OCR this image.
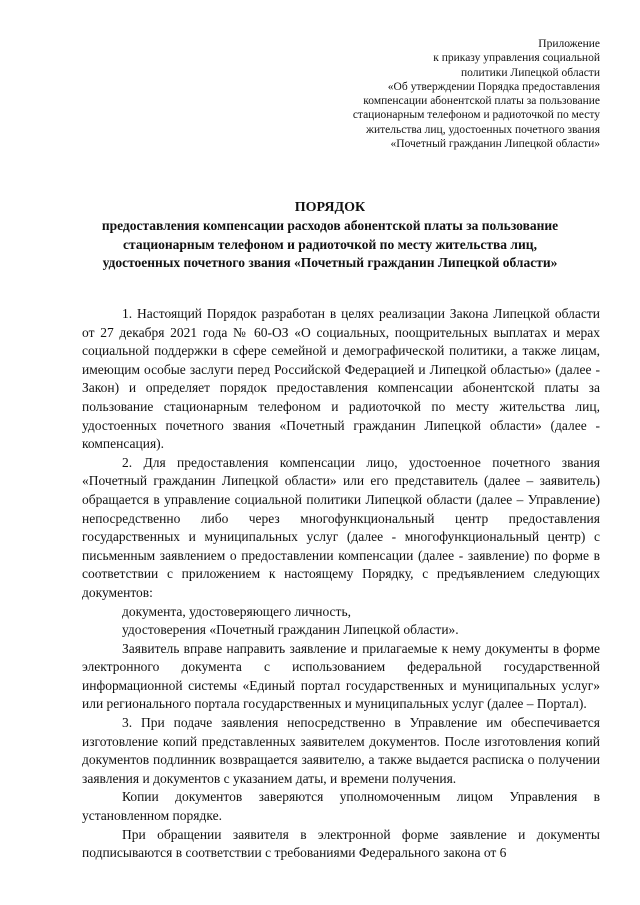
Приложение
к приказу управления социальной
политики Липецкой области
«Об утверждении Порядка предоставления
компенсации абонентской платы за пользование
стационарным телефоном и радиоточкой по месту
жительства лиц, удостоенных почетного звания
«Почетный гражданин Липецкой области»
ПОРЯДОК
предоставления компенсации расходов абонентской платы за пользование
стационарным телефоном и радиоточкой по месту жительства лиц,
удостоенных почетного звания «Почетный гражданин Липецкой области»

1. Настоящий Порядок разработан в целях реализации Закона Липецкой области от 27 декабря 2021 года № 60-ОЗ «О социальных, поощрительных выплатах и мерах социальной поддержки в сфере семейной и демографической политики, а также лицам, имеющим особые заслуги перед Российской Федерацией и Липецкой областью» (далее - Закон) и определяет порядок предоставления компенсации абонентской платы за пользование стационарным телефоном и радиоточкой по месту жительства лиц, удостоенных почетного звания «Почетный гражданин Липецкой области» (далее - компенсация).

2. Для предоставления компенсации лицо, удостоенное почетного звания «Почетный гражданин Липецкой области» или его представитель (далее – заявитель) обращается в управление социальной политики Липецкой области (далее – Управление) непосредственно либо через многофункциональный центр предоставления государственных и муниципальных услуг (далее - многофункциональный центр) с письменным заявлением о предоставлении компенсации (далее - заявление) по форме в соответствии с приложением к настоящему Порядку, с предъявлением следующих документов:

документа, удостоверяющего личность,

удостоверения «Почетный гражданин Липецкой области».

Заявитель вправе направить заявление и прилагаемые к нему документы в форме электронного документа с использованием федеральной государственной информационной системы «Единый портал государственных и муниципальных услуг» или регионального портала государственных и муниципальных услуг (далее – Портал).

3. При подаче заявления непосредственно в Управление им обеспечивается изготовление копий представленных заявителем документов. После изготовления копий документов подлинник возвращается заявителю, а также выдается расписка о получении заявления и документов с указанием даты, и времени получения.

Копии документов заверяются уполномоченным лицом Управления в установленном порядке.

При обращении заявителя в электронной форме заявление и документы подписываются в соответствии с требованиями Федерального закона от 6
